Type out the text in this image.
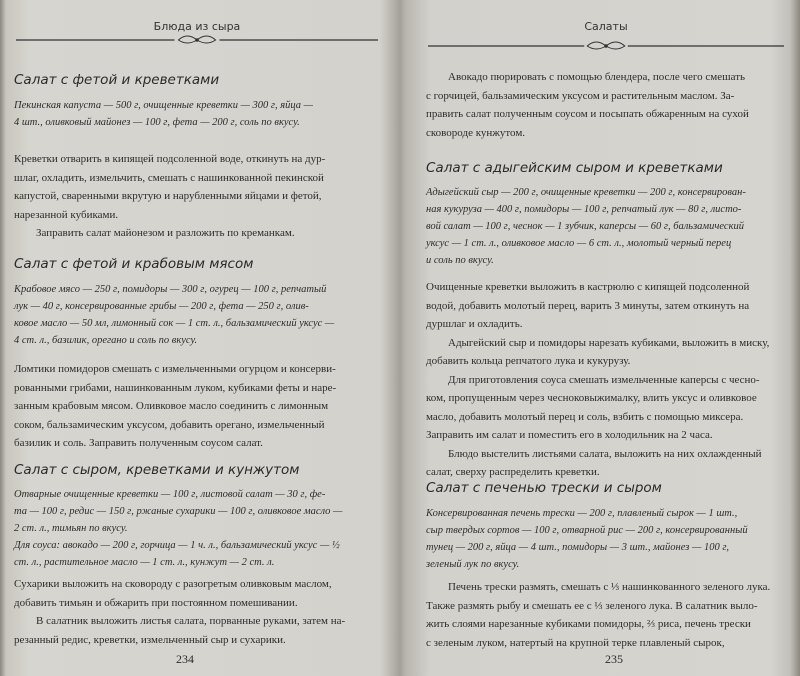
Блюда из сыра

Салат с фетой и креветками

Пекинская капуста — 500 г, очищенные креветки — 300 г, яйца —

4 шт., оливковый майонез — 100 г, фета — 200 г, соль по вкусу.

Креветки отварить в кипящей подсоленной воде, откинуть на дур-

шлаг, охладить, измельчить, смешать с нашинкованной пекинской

капустой, сваренными вкрутую и нарубленными яйцами и фетой,

нарезанной кубиками.

Заправить салат майонезом и разложить по креманкам.

Салат с фетой и крабовым мясом

Крабовое мясо — 250 г, помидоры — 300 г, огурец — 100 г, репчатый

лук — 40 г, консервированные грибы — 200 г, фета — 250 г, олив-

ковое масло — 50 мл, лимонный сок — 1 ст. л., бальзамический уксус —

4 ст. л., базилик, орегано и соль по вкусу.

Ломтики помидоров смешать с измельченными огурцом и консерви-

рованными грибами, нашинкованным луком, кубиками феты и наре-

занным крабовым мясом. Оливковое масло соединить с лимонным

соком, бальзамическим уксусом, добавить орегано, измельченный

базилик и соль. Заправить полученным соусом салат.

Салат с сыром, креветками и кунжутом

Отварные очищенные креветки — 100 г, листовой салат — 30 г, фе-

та — 100 г, редис — 150 г, ржаные сухарики — 100 г, оливковое масло —

2 ст. л., тимьян по вкусу.

Для соуса: авокадо — 200 г, горчица — 1 ч. л., бальзамический уксус — ½

ст. л., растительное масло — 1 ст. л., кунжут — 2 ст. л.

Сухарики выложить на сковороду с разогретым оливковым маслом,

добавить тимьян и обжарить при постоянном помешивании.

В салатник выложить листья салата, порванные руками, затем на-

резанный редис, креветки, измельченный сыр и сухарики.

234
Салаты

Авокадо пюрировать с помощью блендера, после чего смешать

с горчицей, бальзамическим уксусом и растительным маслом. За-

править салат полученным соусом и посыпать обжаренным на сухой

сковороде кунжутом.

Салат с адыгейским сыром и креветками

Адыгейский сыр — 200 г, очищенные креветки — 200 г, консервирован-

ная кукуруза — 400 г, помидоры — 100 г, репчатый лук — 80 г, листо-

вой салат — 100 г, чеснок — 1 зубчик, каперсы — 60 г, бальзамический

уксус — 1 ст. л., оливковое масло — 6 ст. л., молотый черный перец

и соль по вкусу.

Очищенные креветки выложить в кастрюлю с кипящей подсоленной

водой, добавить молотый перец, варить 3 минуты, затем откинуть на

дуршлаг и охладить.

Адыгейский сыр и помидоры нарезать кубиками, выложить в миску,

добавить кольца репчатого лука и кукурузу.

Для приготовления соуса смешать измельченные каперсы с чесно-

ком, пропущенным через чесноковыжималку, влить уксус и оливковое

масло, добавить молотый перец и соль, взбить с помощью миксера.

Заправить им салат и поместить его в холодильник на 2 часа.

Блюдо выстелить листьями салата, выложить на них охлажденный

салат, сверху распределить креветки.

Салат с печенью трески и сыром

Консервированная печень трески — 200 г, плавленый сырок — 1 шт.,

сыр твердых сортов — 100 г, отварной рис — 200 г, консервированный

тунец — 200 г, яйца — 4 шт., помидоры — 3 шт., майонез — 100 г,

зеленый лук по вкусу.

Печень трески размять, смешать с ⅓ нашинкованного зеленого лука.

Также размять рыбу и смешать ее с ⅓ зеленого лука. В салатник выло-

жить слоями нарезанные кубиками помидоры, ⅔ риса, печень трески

с зеленым луком, натертый на крупной терке плавленый сырок,

235
